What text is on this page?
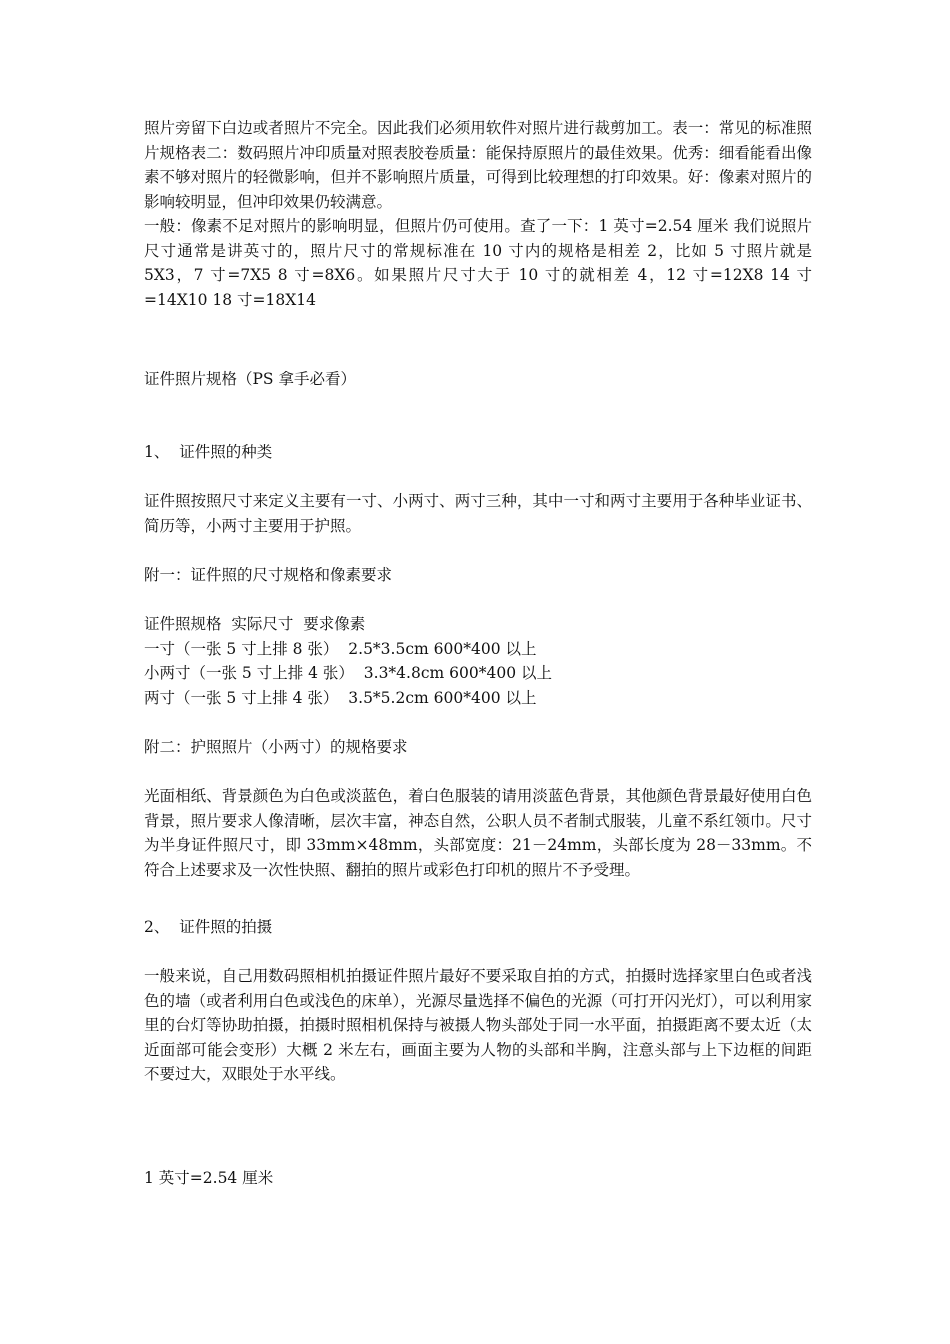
照片旁留下白边或者照片不完全。因此我们必须用软件对照片进行裁剪加工。表一：常见的标准照片规格表二：数码照片冲印质量对照表胶卷质量：能保持原照片的最佳效果。优秀：细看能看出像素不够对照片的轻微影响，但并不影响照片质量，可得到比较理想的打印效果。好：像素对照片的影响较明显，但冲印效果仍较满意。

一般：像素不足对照片的影响明显，但照片仍可使用。查了一下：1 英寸=2.54 厘米 我们说照片尺寸通常是讲英寸的，照片尺寸的常规标准在 10 寸内的规格是相差 2，比如 5 寸照片就是 5X3，7 寸=7X5 8 寸=8X6。如果照片尺寸大于 10 寸的就相差 4，12 寸=12X8 14 寸=14X10 18 寸=18X14

证件照片规格（PS 拿手必看）

1、  证件照的种类

证件照按照尺寸来定义主要有一寸、小两寸、两寸三种，其中一寸和两寸主要用于各种毕业证书、简历等，小两寸主要用于护照。

附一：证件照的尺寸规格和像素要求

证件照规格  实际尺寸  要求像素

一寸（一张 5 寸上排 8 张）  2.5*3.5cm 600*400 以上

小两寸（一张 5 寸上排 4 张）  3.3*4.8cm 600*400 以上

两寸（一张 5 寸上排 4 张）  3.5*5.2cm 600*400 以上

附二：护照照片（小两寸）的规格要求

光面相纸、背景颜色为白色或淡蓝色，着白色服装的请用淡蓝色背景，其他颜色背景最好使用白色背景，照片要求人像清晰，层次丰富，神态自然，公职人员不者制式服装，儿童不系红领巾。尺寸为半身证件照尺寸，即 33mm×48mm，头部宽度：21－24mm，头部长度为 28－33mm。不符合上述要求及一次性快照、翻拍的照片或彩色打印机的照片不予受理。

2、  证件照的拍摄

一般来说，自己用数码照相机拍摄证件照片最好不要采取自拍的方式，拍摄时选择家里白色或者浅色的墙（或者利用白色或浅色的床单），光源尽量选择不偏色的光源（可打开闪光灯），可以利用家里的台灯等协助拍摄，拍摄时照相机保持与被摄人物头部处于同一水平面，拍摄距离不要太近（太近面部可能会变形）大概 2 米左右，画面主要为人物的头部和半胸，注意头部与上下边框的间距不要过大，双眼处于水平线。

1 英寸=2.54 厘米
